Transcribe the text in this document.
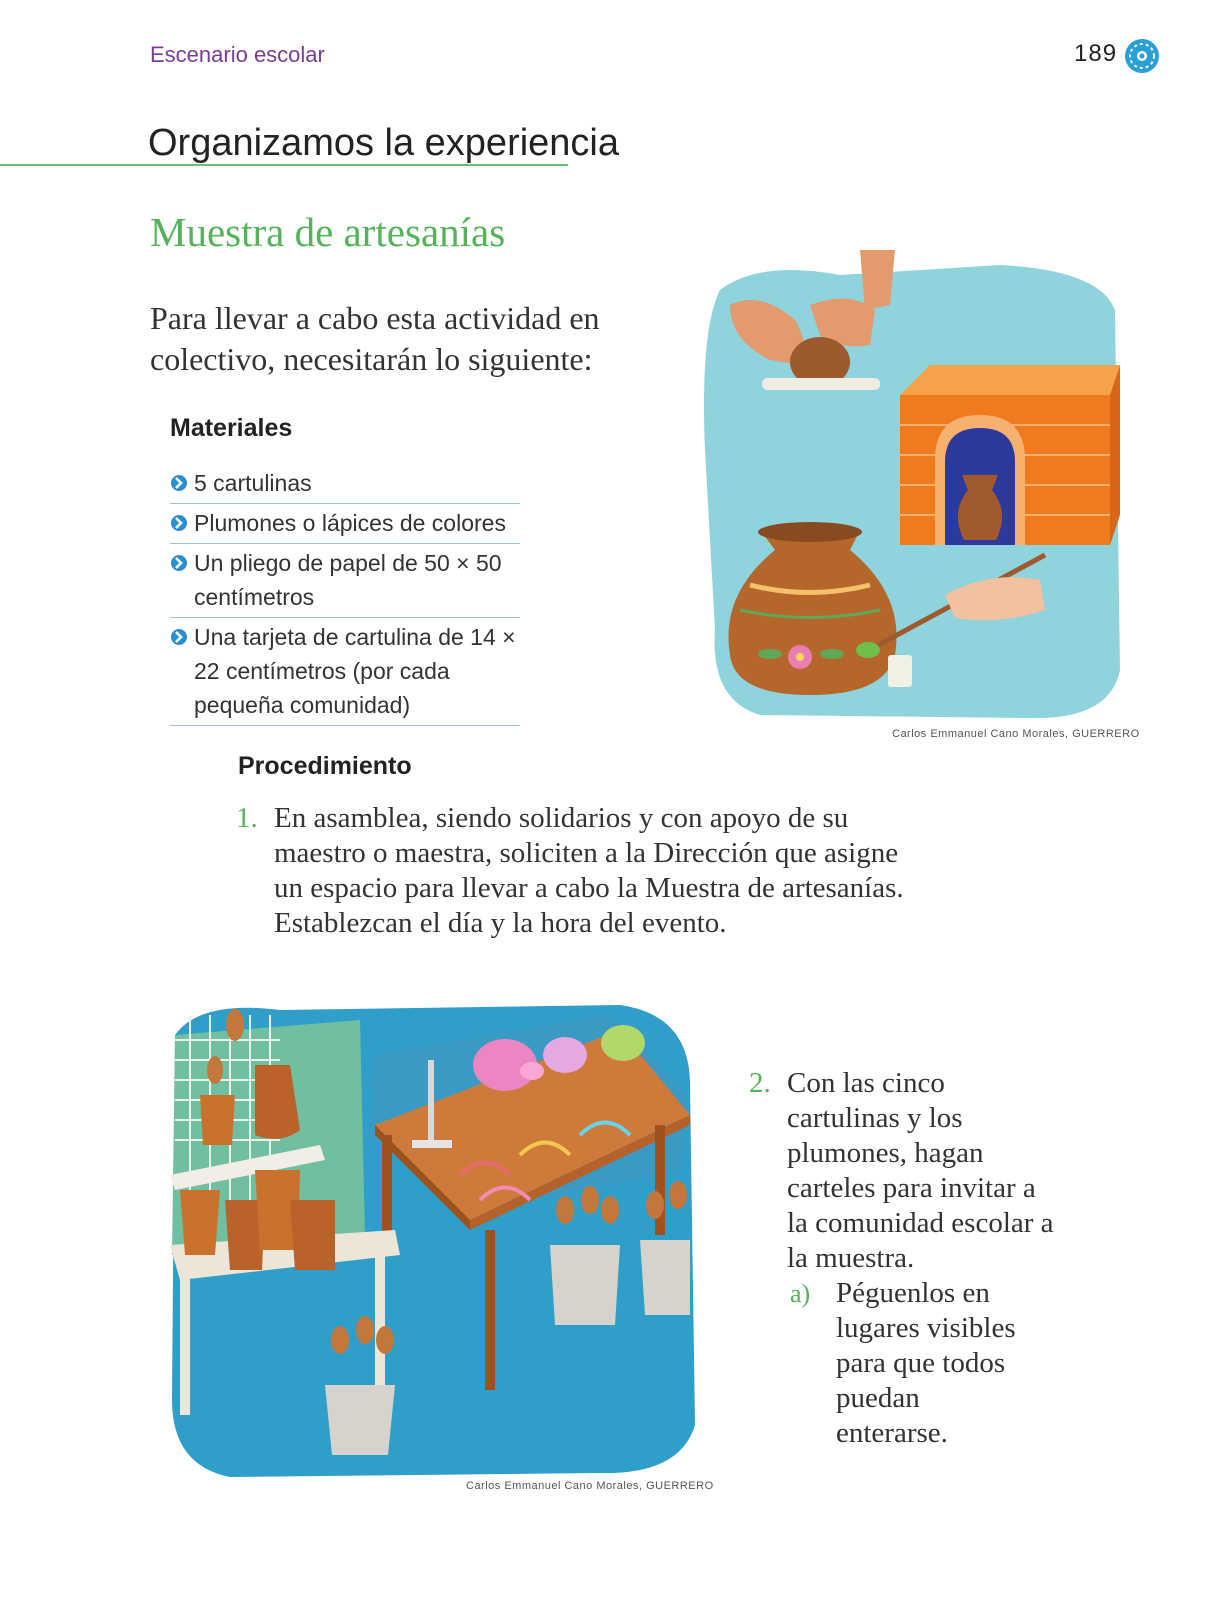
Escenario escolar	189
Organizamos la experiencia
Muestra de artesanías
Para llevar a cabo esta actividad en colectivo, necesitarán lo siguiente:
Materiales
5 cartulinas
Plumones o lápices de colores
Un pliego de papel de 50 × 50 centímetros
Una tarjeta de cartulina de 14 × 22 centímetros (por cada pequeña comunidad)
Carlos Emmanuel Cano Morales, GUERRERO
Procedimiento
1. En asamblea, siendo solidarios y con apoyo de su maestro o maestra, soliciten a la Dirección que asigne un espacio para llevar a cabo la Muestra de artesanías. Establezcan el día y la hora del evento.
Carlos Emmanuel Cano Morales, GUERRERO
2. Con las cinco cartulinas y los plumones, hagan carteles para invitar a la comunidad escolar a la muestra.
a) Péguenlos en lugares visibles para que todos puedan enterarse.
